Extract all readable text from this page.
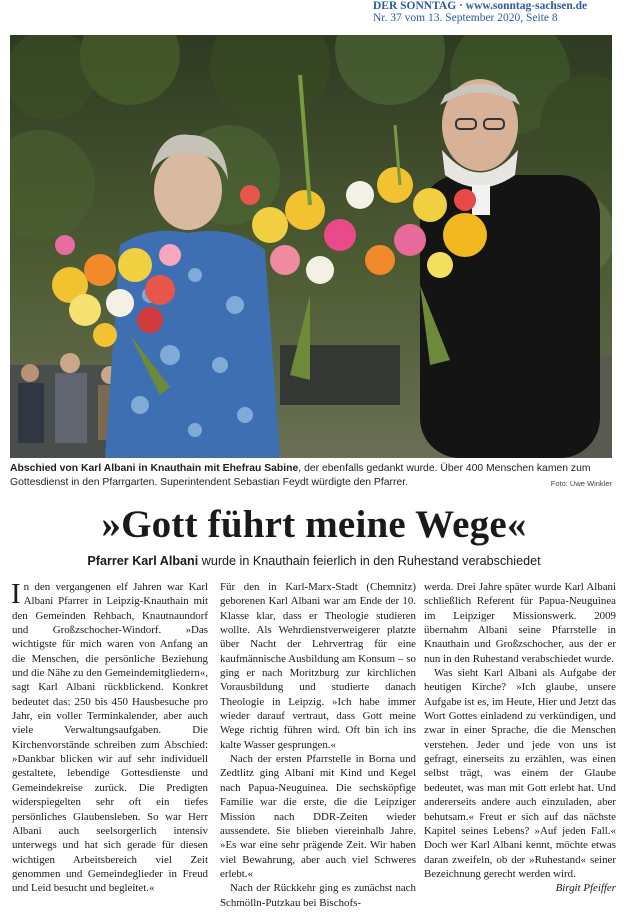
DER SONNTAG · www.sonntag-sachsen.de
Nr. 37 vom 13. September 2020, Seite 8
Abschied von Karl Albani in Knauthain mit Ehefrau Sabine, der ebenfalls gedankt wurde. Über 400 Menschen kamen zum Gottesdienst in den Pfarrgarten. Superintendent Sebastian Feydt würdigte den Pfarrer.	Foto: Uwe Winkler
»Gott führt meine Wege«
Pfarrer Karl Albani wurde in Knauthain feierlich in den Ruhestand verabschiedet

In den vergangenen elf Jahren war Karl Albani Pfarrer in Leipzig-Knauthain mit den Gemeinden Rehbach, Knautnaundorf und Großzschocher-Windorf. »Das wichtigste für mich waren von Anfang an die Menschen, die persönliche Beziehung und die Nähe zu den Gemeindemitgliedern«, sagt Karl Albani rückblickend. Konkret bedeutet das: 250 bis 450 Hausbesuche pro Jahr, ein voller Terminkalender, aber auch viele Verwaltungsaufgaben. Die Kirchenvorstände schreiben zum Abschied: »Dankbar blicken wir auf sehr individuell gestaltete, lebendige Gottesdienste und Gemeindekreise zurück. Die Predigten widerspiegelten sehr oft ein tiefes persönliches Glaubensleben. So war Herr Albani auch seelsorgerlich intensiv unterwegs und hat sich gerade für diesen wichtigen Arbeitsbereich viel Zeit genommen und Gemeindeglieder in Freud und Leid besucht und begleitet.«

Für den in Karl-Marx-Stadt (Chemnitz) geborenen Karl Albani war am Ende der 10. Klasse klar, dass er Theologie studieren wollte. Als Wehrdienstverweigerer platzte über Nacht der Lehrvertrag für eine kaufmännische Ausbildung am Konsum – so ging er nach Moritzburg zur kirchlichen Vorausbildung und studierte danach Theologie in Leipzig. »Ich habe immer wieder darauf vertraut, dass Gott meine Wege richtig führen wird. Oft bin ich ins kalte Wasser gesprungen.«

Nach der ersten Pfarrstelle in Borna und Zedtlitz ging Albani mit Kind und Kegel nach Papua-Neuguinea. Die sechsköpfige Familie war die erste, die die Leipziger Mission nach DDR-Zeiten wieder aussendete. Sie blieben viereinhalb Jahre. »Es war eine sehr prägende Zeit. Wir haben viel Bewahrung, aber auch viel Schweres erlebt.«

Nach der Rückkehr ging es zunächst nach Schmölln-Putzkau bei Bischofs-

werda. Drei Jahre später wurde Karl Albani schließlich Referent für Papua-Neuguinea im Leipziger Missionswerk. 2009 übernahm Albani seine Pfarrstelle in Knauthain und Großzschocher, aus der er nun in den Ruhestand verabschiedet wurde.

Was sieht Karl Albani als Aufgabe der heutigen Kirche? »Ich glaube, unsere Aufgabe ist es, im Heute, Hier und Jetzt das Wort Gottes einladend zu verkündigen, und zwar in einer Sprache, die die Menschen verstehen. Jeder und jede von uns ist gefragt, einerseits zu erzählen, was einen selbst trägt, was einem der Glaube bedeutet, was man mit Gott erlebt hat. Und andererseits andere auch einzuladen, aber behutsam.« Freut er sich auf das nächste Kapitel seines Lebens? »Auf jeden Fall.« Doch wer Karl Albani kennt, möchte etwas daran zweifeln, ob der »Ruhestand« seiner Bezeichnung gerecht werden wird.

Birgit Pfeiffer
